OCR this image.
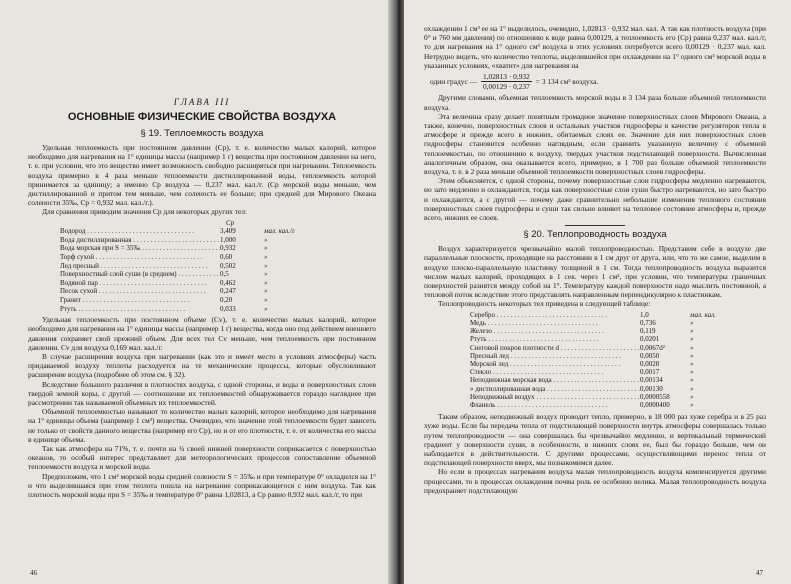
ГЛАВА III
ОСНОВНЫЕ ФИЗИЧЕСКИЕ СВОЙСТВА ВОЗДУХА
§ 19. Теплоемкость воздуха

Удельная теплоемкость при постоянном давлении (Cp), т. е. количество малых калорий, которое необходимо для нагревания на 1° единицы массы (например 1 г) вещества при постоянном давлении на него, т. е. при условии, что это вещество имеет возможность свободно расширяться при нагревании. Теплоемкость воздуха примерно в 4 раза меньше теплоемкости дистиллированной воды, теплоемкость которой принимается за единицу; а именно Cp воздуха — 0,237 мал. кал./г. (Cp морской воды меньше, чем дистиллированной и притом тем меньше, чем соленость ее больше; при средней для Мирового Океана солености 35‰, Cp = 0,932 мал. кал./г.).

Для сравнения приводим значения Cp для некоторых других тел:

Cp
Водород . . .	3,409	мал. кал./г
Вода дистиллированная . . .	1,000	»
Вода морская при S = 35‰ . . .	0,932	»
Торф сухой . . .	0,60	»
Лед пресный . . .	0,502	»
Поверхностный слой суши (в среднем) . . .	0,5	»
Водяной пар . . .	0,462	»
Песок сухой . . .	0,247	»
Гранит . . .	0,20	»
Ртуть . . .	0,033	»

Удельная теплоемкость при постоянном объеме (Cv), т. е. количество малых калорий, которое необходимо для нагревания на 1° единицы массы (например 1 г) вещества, когда оно под действием внешнего давления сохраняет свой прежний объем. Для всех тел Cv меньше, чем теплоемкость при постоянном давлении. Cv для воздуха 0,169 мал. кал./г.

В случае расширения воздуха при нагревании (как это и имеет место в условиях атмосферы) часть придаваемой воздуху теплоты расходуется на те механические процессы, которые обусловливают расширение воздуха (подробнее об этом см. § 32).

Вследствие большого различия в плотностях воздуха, с одной стороны, и воды и поверхностных слоев твердой земной коры, с другой — соотношение их теплоемкостей обнаруживается гораздо нагляднее при рассмотрении так называемой объемных их теплоемкостей.

Объемной теплоемкостью называют то количество малых калорий, которое необходимо для нагревания на 1° единицы объема (например 1 см³) вещества. Очевидно, что значение этой теплоемкости будет зависеть не только от свойств данного вещества (например его Cp), но и от его плотности, т. е. от количества его массы в единице объема.

Так как атмосфера на 71%, т. е. почти на ¾ своей нижней поверхности соприкасается с поверхностью океанов, то особый интерес представляет для метеорологических процессов сопоставление объемной теплоемкости воздуха и морской воды.

Предположим, что 1 см³ морской воды средней солености S = 35‰ и при температуре 0° охладился на 1° и что выделившаяся при этом теплота пошла на нагревание соприкасающегося с ним воздуха. Так как плотность морской воды при S = 35‰ и температуре 0° равна 1,02813, а Cp равно 0,932 мал. кал./г, то при

46

охлаждении 1 см³ ее на 1° выделилось, очевидно, 1,02813 · 0,932 мал. кал. А так как плотность воздуха (при 0° и 760 мм давления) по отношению к воде равна 0,00129, а теплоемкость его (Cp) равна 0,237 мал. кал./г, то для нагревания на 1° одного см³ воздуха в этих условиях потребуется всего 0,00129 · 0,237 мал. кал. Нетрудно видеть, что количество теплоты, выделившейся при охлаждении на 1° одного см³ морской воды в указанных условиях, «хватит» для нагревания на

один градус — $\frac{1,02813 \cdot 0,932}{0,00129 \cdot 0,237} = 3$ 134 см³ воздуха.

Другими словами, объемная теплоемкость морской воды в 3 134 раза больше объемной теплоемкости воздуха.

Эта величина сразу делает понятным громадное значение поверхностных слоев Мирового Океана, а также, конечно, поверхностных слоев и остальных участков гидросферы в качестве регуляторов тепла в атмосфере и прежде всего в нижних, обитаемых слоях ее. Значение для них поверхностных слоев гидросферы становится особенно наглядным, если сравнить указанную величину с объемной теплоемкостью, по отношению к воздуху, твердых участков подстилающей поверхности. Вычисленная аналогичным образом, она оказывается всего, примерно, в 1 700 раз больше объемной теплоемкости воздуха, т. е. в 2 раза меньше объемной теплоемкости поверхностных слоев гидросферы.

Этим объясняется, с одной стороны, почему поверхностные слои гидросферы медленно нагреваются, но зато медленно и охлаждаются, тогда как поверхностные слои суши быстро нагреваются, но зато быстро и охлаждаются, а с другой — почему даже сравнительно небольшие изменения теплового состояния поверхностных слоев гидросферы и суши так сильно влияют на тепловое состояние атмосферы и, прежде всего, нижних ее слоев.

§ 20. Теплопроводность воздуха

Воздух характеризуется чрезвычайно малой теплопроводностью. Представим себе в воздухе две параллельные плоскости, проходящие на расстоянии в 1 см друг от друга, или, что то же самое, выделим в воздухе плоско-параллельную пластинку толщиной в 1 см. Тогда теплопроводность воздуха выразится числом малых калорий, проходящих в 1 сек. через 1 см², при условии, что температуры граничных поверхностей разнятся между собой на 1°. Температуру каждой поверхности надо мыслить постоянной, а тепловой поток вследствие этого представлять направленным перпендикулярно к пластинкам.

Теплопроводность некоторых тел приведена в следующей таблице:

Серебро . . .	1,0	мал. кал.
Медь . . .	0,736	»
Железо . . .	0,119	»
Ртуть . . .	0,0201	»
Снеговой покров плотности d . . .	0,0067d²	»
Пресный лед . . .	0,0050	»
Морской лед . . .	0,0028	»
Стекло . . .	0,0017	»
Неподвижная морская вода . . .	0,00134	»
» дистиллированная вода . . .	0,00130	»
Неподвижный воздух . . .	0,0000558	»
Фланель . . .	0,0000400	»

Таким образом, неподвижный воздух проводит тепло, примерно, в 18 000 раз хуже серебра и в 25 раз хуже воды. Если бы передача тепла от подстилающей поверхности внутрь атмосферы совершалась только путем теплопроводности — она совершалась бы чрезвычайно медленно, и вертикальный термический градиент у поверхности суши, в особенности, в нижних слоях ее, был бы гораздо больше, чем он наблюдается в действительности. С другими процессами, осуществляющими перенос тепла от подстилающей поверхности вверх, мы познакомимся далее.

Но если в процессах нагревания воздуха малая теплопроводность воздуха компенсируется другими процессами, то в процессах охлаждения почвы роль ее особенно велика. Малая теплопроводность воздуха предохраняет подстилающую

47
